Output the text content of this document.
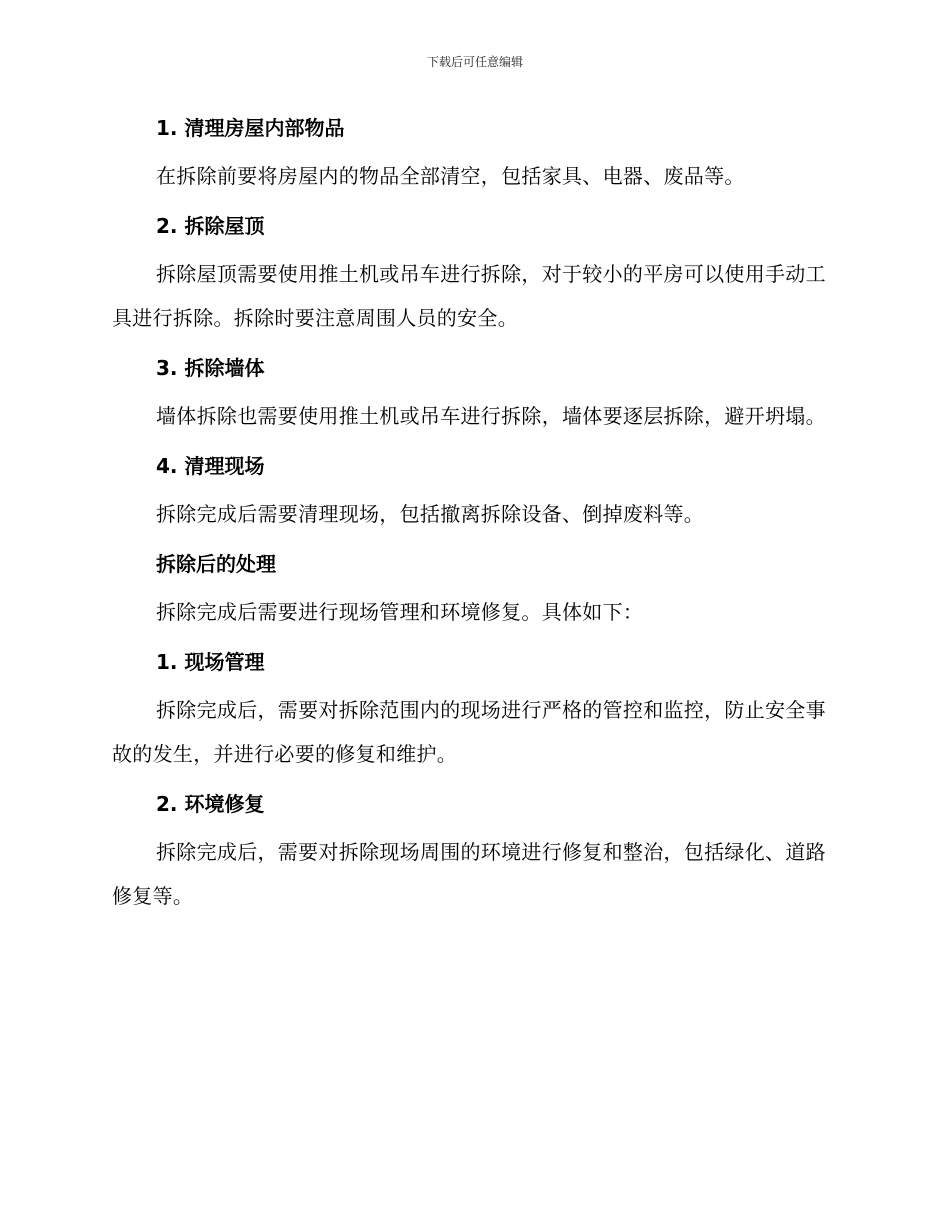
下载后可任意编辑
1. 清理房屋内部物品

在拆除前要将房屋内的物品全部清空，包括家具、电器、废品等。

2. 拆除屋顶

拆除屋顶需要使用推土机或吊车进行拆除，对于较小的平房可以使用手动工具进行拆除。拆除时要注意周围人员的安全。

3. 拆除墙体

墙体拆除也需要使用推土机或吊车进行拆除，墙体要逐层拆除，避开坍塌。

4. 清理现场

拆除完成后需要清理现场，包括撤离拆除设备、倒掉废料等。

拆除后的处理

拆除完成后需要进行现场管理和环境修复。具体如下：

1. 现场管理

拆除完成后，需要对拆除范围内的现场进行严格的管控和监控，防止安全事故的发生，并进行必要的修复和维护。

2. 环境修复

拆除完成后，需要对拆除现场周围的环境进行修复和整治，包括绿化、道路修复等。
